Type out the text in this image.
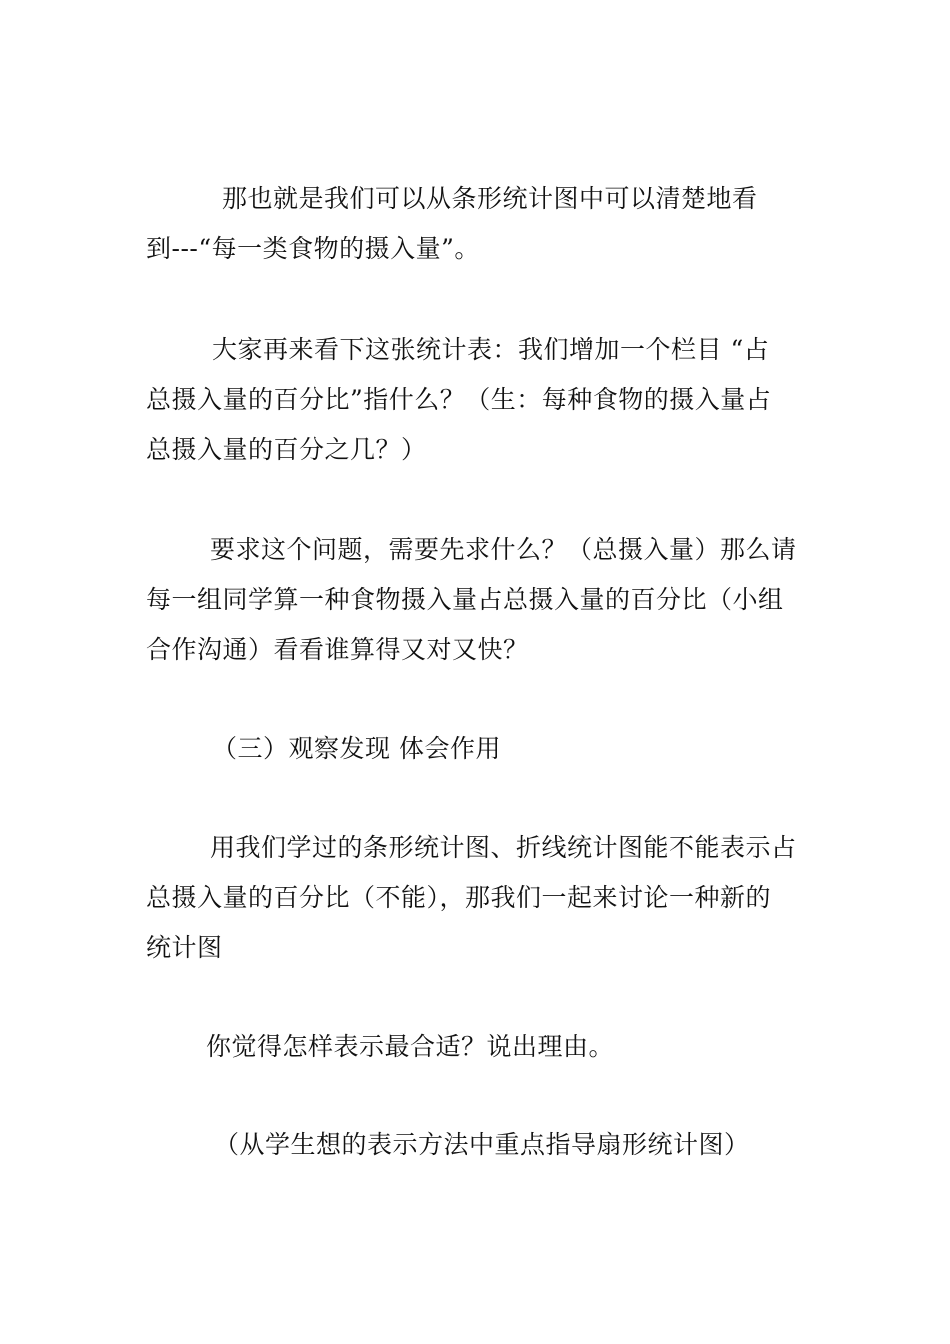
那也就是我们可以从条形统计图中可以清楚地看
到---“每一类食物的摄入量”。
大家再来看下这张统计表：我们增加一个栏目 “占
总摄入量的百分比”指什么？（生：每种食物的摄入量占
总摄入量的百分之几？）
要求这个问题，需要先求什么？（总摄入量）那么请
每一组同学算一种食物摄入量占总摄入量的百分比（小组
合作沟通）看看谁算得又对又快？
（三）观察发现 体会作用
用我们学过的条形统计图、折线统计图能不能表示占
总摄入量的百分比（不能），那我们一起来讨论一种新的
统计图
你觉得怎样表示最合适？说出理由。
（从学生想的表示方法中重点指导扇形统计图）
